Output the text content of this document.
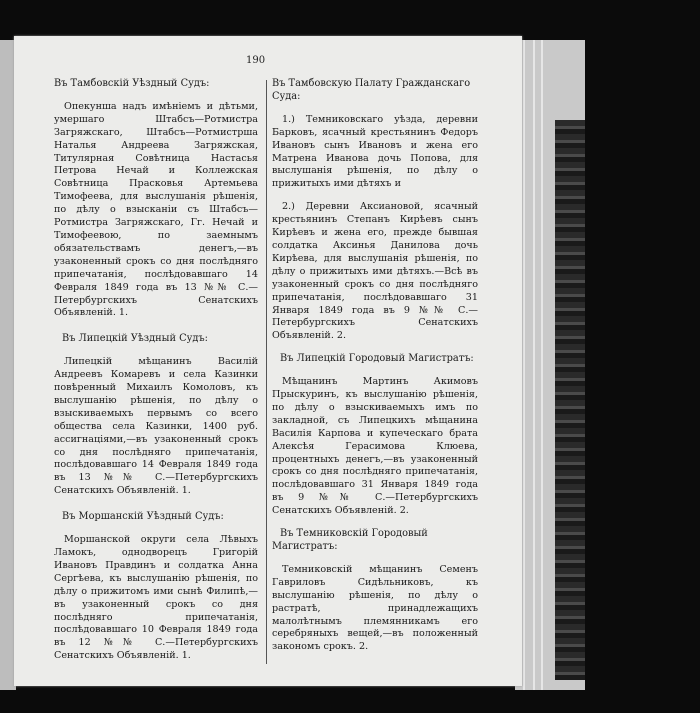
190
Въ Тамбовскій Уѣздный Судъ:
Опекунша надъ имѣніемъ и дѣтьми, умершаго Штабсъ—Ротмистра Загряжскаго, Штабсъ—Ротмистрша Наталья Андреева Загряжская, Титулярная Совѣтница Настасья Петрова Нечай и Коллежская Совѣтница Прасковья Артемьева Тимофеева, для выслушанія рѣшенія, по дѣлу о взысканіи съ Штабсъ—Ротмистра Загряжскаго, Гг. Нечай и Тимофеевою, по заемнымъ обязательствамъ денегъ,—въ узаконенный срокъ со дня послѣдняго припечатанія, послѣдовавшаго 14 Февраля 1849 года въ 13 №№ С.—Петербургскихъ Сенатскихъ Объявленій. 1.
Въ Липецкій Уѣздный Судъ:
Липецкій мѣщанинъ Василій Андреевъ Комаревъ и села Казинки повѣренный Михаилъ Комоловъ, къ выслушанію рѣшенія, по дѣлу о взыскиваемыхъ первымъ со всего общества села Казинки, 1400 руб. ассигнаціями,—въ узаконенный срокъ со дня послѣдняго припечатанія, послѣдовавшаго 14 Февраля 1849 года въ 13 №№ С.—Петербургскихъ Сенатскихъ Объявленій. 1.
Въ Моршанскій Уѣздный Судъ:
Моршанской округи села Лѣвыхъ Ламокъ, однодворецъ Григорій Ивановъ Правдинъ и солдатка Анна Сергѣева, къ выслушанію рѣшенія, по дѣлу о прижитомъ ими сынѣ Филипѣ,—въ узаконенный срокъ со дня послѣдняго припечатанія, послѣдовавшаго 10 Февраля 1849 года въ 12 №№ С.—Петербургскихъ Сенатскихъ Объявленій. 1.
Въ Тамбовскую Палату Гражданскаго Суда:
1.) Темниковскаго уѣзда, деревни Барковъ, ясачный крестьянинъ Федоръ Ивановъ сынъ Ивановъ и жена его Матрена Иванова дочь Попова, для выслушанія рѣшенія, по дѣлу о прижитыхъ ими дѣтяхъ и
2.) Деревни Аксиановой, ясачный крестьянинъ Степанъ Кирѣевъ сынъ Кирѣевъ и жена его, прежде бывшая солдатка Аксинья Данилова дочь Кирѣева, для выслушанія рѣшенія, по дѣлу о прижитыхъ ими дѣтяхъ.—Всѣ въ узаконенный срокъ со дня послѣдняго припечатанія, послѣдовавшаго 31 Января 1849 года въ 9 №№ С.—Петербургскихъ Сенатскихъ Объявленій. 2.
Въ Липецкій Городовый Магистратъ:
Мѣщанинъ Мартинъ Акимовъ Прыскуринъ, къ выслушанію рѣшенія, по дѣлу о взыскиваемыхъ имъ по закладной, съ Липецкихъ мѣщанина Василія Карпова и купеческаго брата Алексѣя Герасимова Клюева, процентныхъ денегъ,—въ узаконенный срокъ со дня послѣдняго припечатанія, послѣдовавшаго 31 Января 1849 года въ 9 №№ С.—Петербургскихъ Сенатскихъ Объявленій. 2.
Въ Темниковскій Городовый Магистратъ:
Темниковскій мѣщанинъ Семенъ Гавриловъ Сидѣльниковъ, къ выслушанію рѣшенія, по дѣлу о растратѣ, принадлежащихъ малолѣтнымъ племянникамъ его серебряныхъ вещей,—въ положенный закономъ срокъ. 2.
